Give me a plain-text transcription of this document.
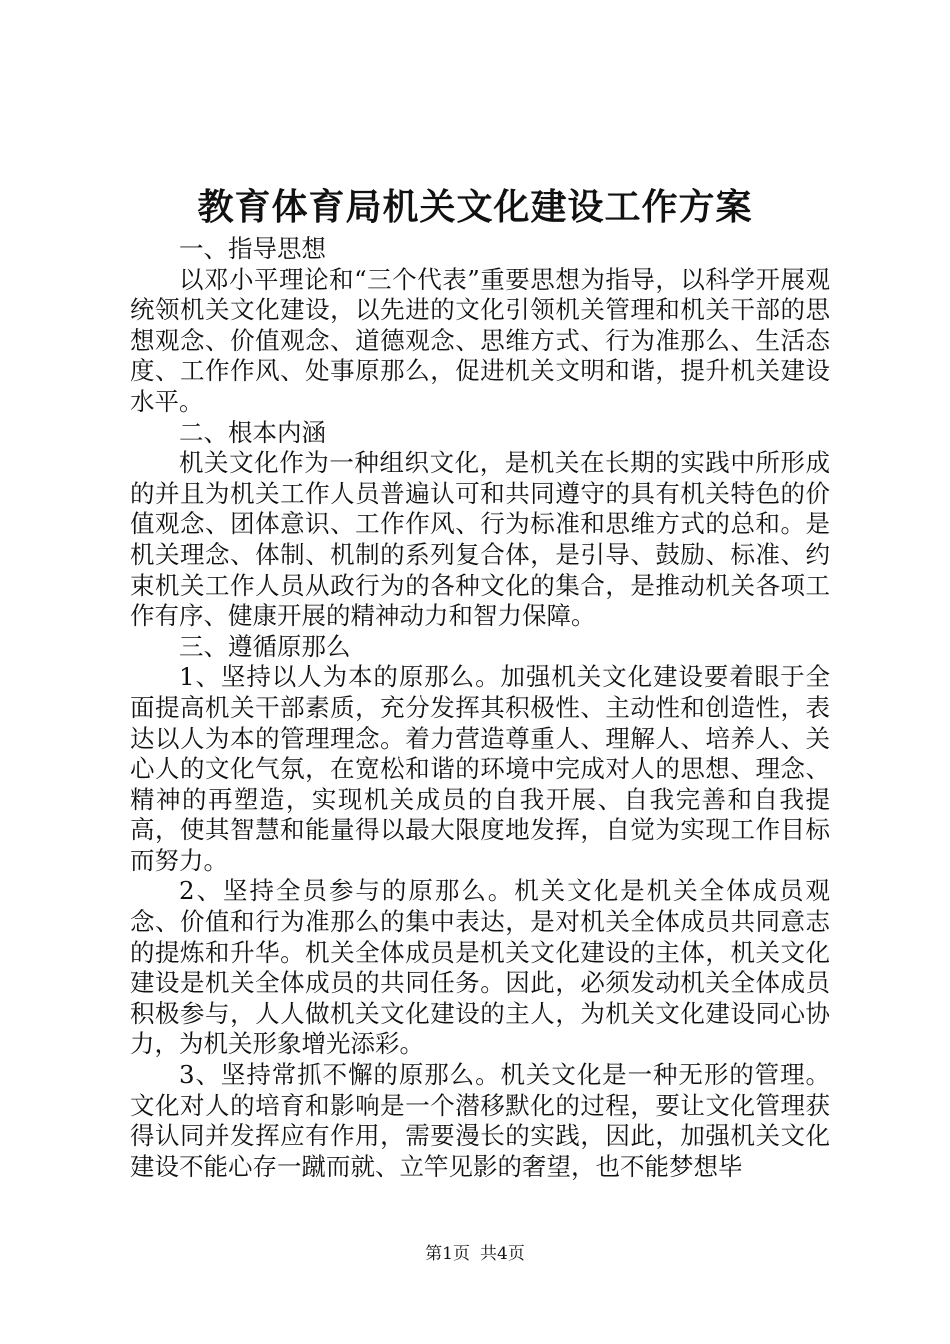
教育体育局机关文化建设工作方案

一、指导思想

以邓小平理论和“三个代表”重要思想为指导，以科学开展观统领机关文化建设，以先进的文化引领机关管理和机关干部的思想观念、价值观念、道德观念、思维方式、行为准那么、生活态度、工作作风、处事原那么，促进机关文明和谐，提升机关建设水平。

二、根本内涵

机关文化作为一种组织文化，是机关在长期的实践中所形成的并且为机关工作人员普遍认可和共同遵守的具有机关特色的价值观念、团体意识、工作作风、行为标准和思维方式的总和。是机关理念、体制、机制的系列复合体，是引导、鼓励、标准、约束机关工作人员从政行为的各种文化的集合，是推动机关各项工作有序、健康开展的精神动力和智力保障。

三、遵循原那么

1、坚持以人为本的原那么。加强机关文化建设要着眼于全面提高机关干部素质，充分发挥其积极性、主动性和创造性，表达以人为本的管理理念。着力营造尊重人、理解人、培养人、关心人的文化气氛，在宽松和谐的环境中完成对人的思想、理念、精神的再塑造，实现机关成员的自我开展、自我完善和自我提高，使其智慧和能量得以最大限度地发挥，自觉为实现工作目标而努力。

2、坚持全员参与的原那么。机关文化是机关全体成员观念、价值和行为准那么的集中表达，是对机关全体成员共同意志的提炼和升华。机关全体成员是机关文化建设的主体，机关文化建设是机关全体成员的共同任务。因此，必须发动机关全体成员积极参与，人人做机关文化建设的主人，为机关文化建设同心协力，为机关形象增光添彩。

3、坚持常抓不懈的原那么。机关文化是一种无形的管理。文化对人的培育和影响是一个潜移默化的过程，要让文化管理获得认同并发挥应有作用，需要漫长的实践，因此，加强机关文化建设不能心存一蹴而就、立竿见影的奢望，也不能梦想毕

第1页 共4页
